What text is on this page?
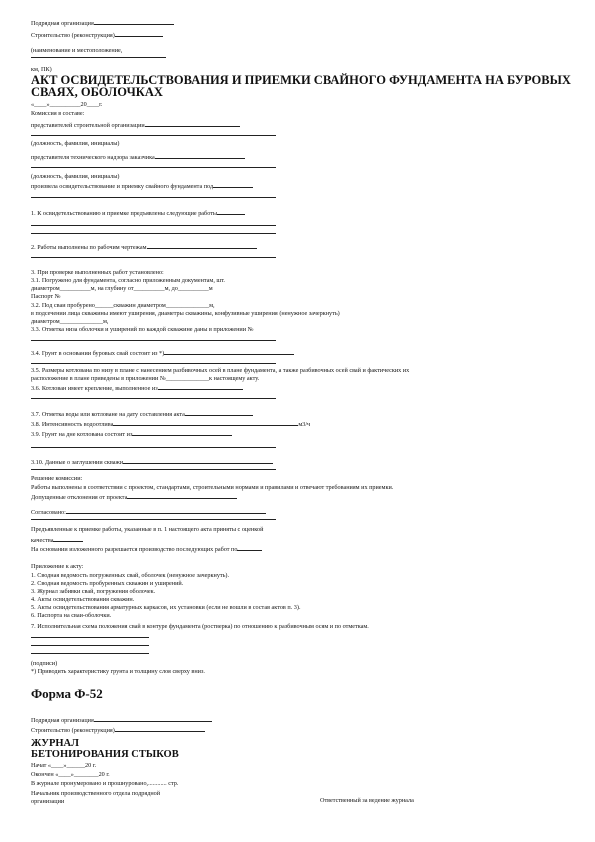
Подрядная организация
Строительство (реконструкция)
(наименование и местоположение,
км, ПК)
АКТ ОСВИДЕТЕЛЬСТВОВАНИЯ И ПРИЕМКИ СВАЙНОГО ФУНДАМЕНТА НА БУРОВЫХ
СВАЯХ, ОБОЛОЧКАХ
«____»__________20____г.
Комиссия в составе:
представителей строительной организации
(должность, фамилия, инициалы)
представителя технического надзора заказчика
(должность, фамилия, инициалы)
произвела освидетельствование и приемку свайного фундамента под
1. К освидетельствованию и приемке предъявлены следующие работы
2. Работы выполнены по рабочим чертежам
3. При проверке выполненных работ установлено:
3.1. Погружено для фундамента, согласно приложенным документам, шт.
диаметром__________м, на глубину от__________м, до__________м
Паспорт №
3.2. Под сваи пробурено______скважин диаметром______________м,
в подсечении лица скважины имеют уширения, диаметры скважины, конфузивные уширения (ненужное зачеркнуть)
диаметром______________м,
3.3. Отметка низа оболочки и уширений по каждой скважине даны в приложении №
3.4. Грунт в основании буровых свай состоит из *)
3.5. Размеры котлована по низу в плане с нанесением разбивочных осей в плане фундамента, а также разбивочных осей свай и фактических их
расположение в плане приведены в приложении №______________к настоящему акту.
3.6. Котлован имеет крепление, выполненное из
3.7. Отметка воды или котловане на дату составления акта
3.8. Интенсивность водоотлива	м3/ч
3.9. Грунт на дне котлована состоит из
3.10. Данные о заглушении скважи
Решение комиссии:
Работы выполнены в соответствии с проектом, стандартами, строительными нормами и правилами и отвечают требованиям их приемки.
Допущенные отклонения от проекта
Согласовано:
Предъявленные к приемке работы, указанные в п. 1 настоящего акта приняты с оценкой
качества
На основании изложенного разрешается производство последующих работ по
Приложение к акту:
1. Сводная ведомость погруженных свай, оболочек (ненужное зачеркнуть).
2. Сводная ведомость пробуренных скважин и уширений.
3. Журнал забивки свай, погружения оболочек.
4. Акты освидетельствования скважин.
5. Акты освидетельствования арматурных каркасов, их установки (если не вошли в состав актов п. 3).
6. Паспорта на сваи-оболочки.
7. Исполнительная схема положения свай в контуре фундамента (ростверка) по отношению к разбивочным осям и по отметкам.
(подписи)
*) Приводить характеристику грунта и толщину слоя сверху вниз.
Форма Ф-52
Подрядная организация
Строительство (реконструкция)
ЖУРНАЛ
БЕТОНИРОВАНИЯ СТЫКОВ
Начат «____»______20 г.
Окончен «____»________20 г.
В журнале пронумеровано и прошнуровано,............ стр.
Начальник производственного отдела подрядной
организации	Ответственный за ведение журнала
